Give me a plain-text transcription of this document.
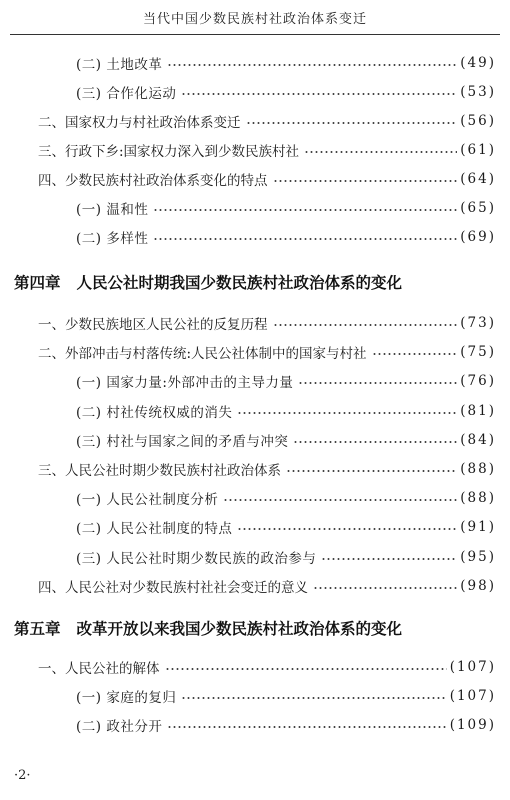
当代中国少数民族村社政治体系变迁
(二) 土地改革	(49)
(三) 合作化运动	(53)
二、国家权力与村社政治体系变迁	(56)
三、行政下乡:国家权力深入到少数民族村社	(61)
四、少数民族村社政治体系变化的特点	(64)
(一) 温和性	(65)
(二) 多样性	(69)
第四章 人民公社时期我国少数民族村社政治体系的变化
一、少数民族地区人民公社的反复历程	(73)
二、外部冲击与村落传统:人民公社体制中的国家与村社	(75)
(一) 国家力量:外部冲击的主导力量	(76)
(二) 村社传统权威的消失	(81)
(三) 村社与国家之间的矛盾与冲突	(84)
三、人民公社时期少数民族村社政治体系	(88)
(一) 人民公社制度分析	(88)
(二) 人民公社制度的特点	(91)
(三) 人民公社时期少数民族的政治参与	(95)
四、人民公社对少数民族村社社会变迁的意义	(98)
第五章 改革开放以来我国少数民族村社政治体系的变化
一、人民公社的解体	(107)
(一) 家庭的复归	(107)
(二) 政社分开	(109)
·2·
